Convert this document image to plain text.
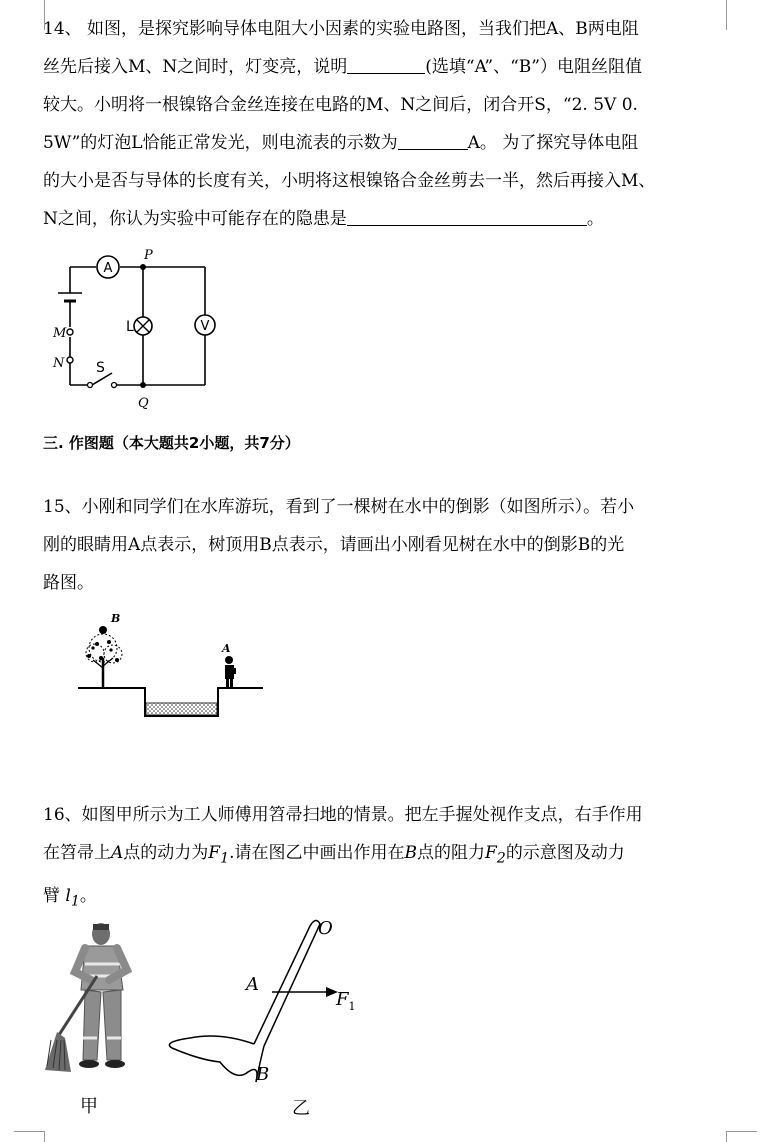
14、 如图，是探究影响导体电阻大小因素的实验电路图，当我们把A、B两电阻
丝先后接入M、N之间时，灯变亮，说明	(选填“A”、“B”）电阻丝阻值
较大。小明将一根镍铬合金丝连接在电路的M、N之间后，闭合开S，“2. 5V 0.
5W”的灯泡L恰能正常发光，则电流表的示数为	A。 为了探究导体电阻
的大小是否与导体的长度有关，小明将这根镍铬合金丝剪去一半，然后再接入M、
N之间，你认为实验中可能存在的隐患是	。
A
L	V
M
N S
P
Q
三. 作图题（本大题共2小题，共7分）
15、小刚和同学们在水库游玩，看到了一棵树在水中的倒影（如图所示）。若小
刚的眼睛用A点表示，树顶用B点表示，请画出小刚看见树在水中的倒影B的光
路图。
B
A
16、如图甲所示为工人师傅用笤帚扫地的情景。把左手握处视作支点，右手作用
在笤帚上A点的动力为$F_1$.请在图乙中画出作用在B点的阻力$F_2$的示意图及动力
臂 $l_1$。
甲
$F_1$
O
A
B
乙
